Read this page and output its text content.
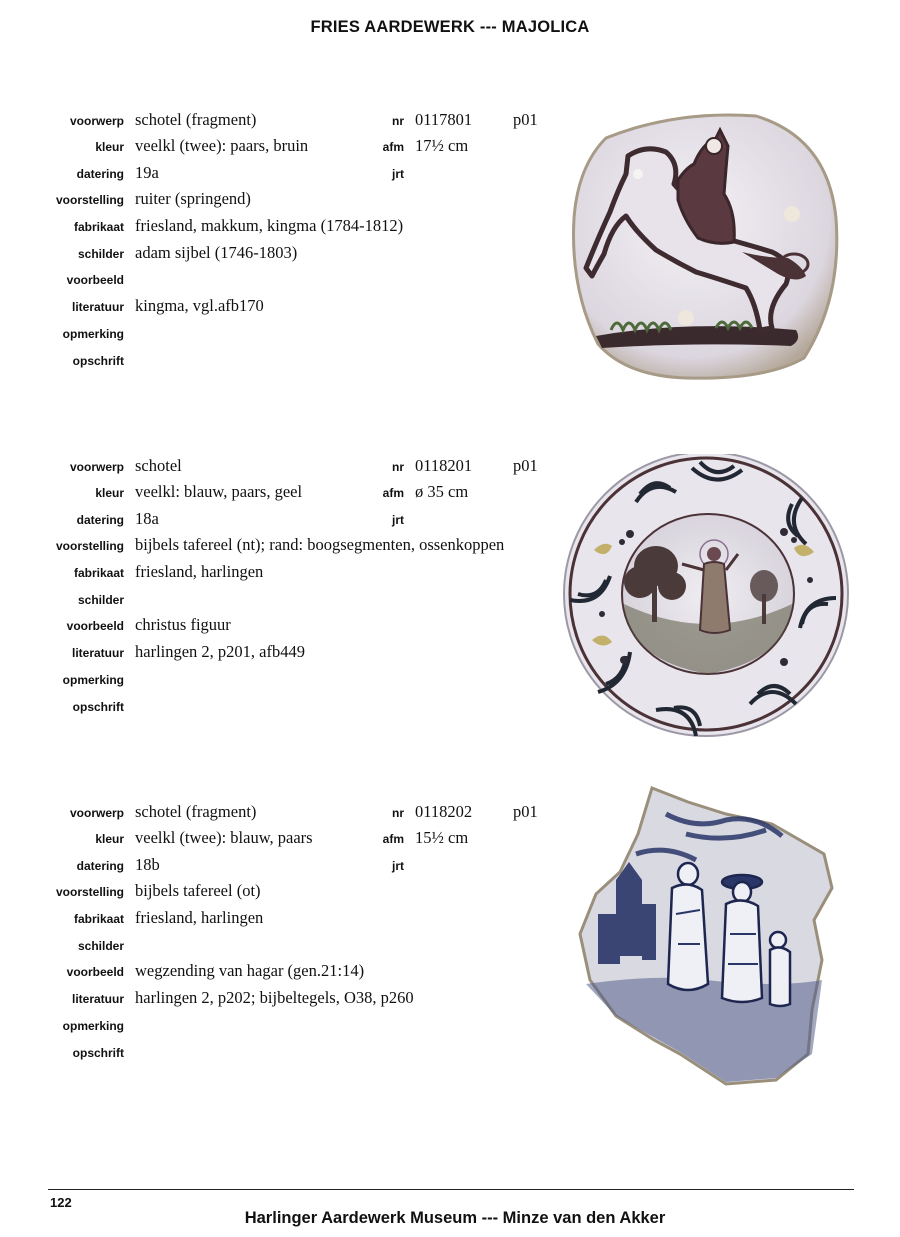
FRIES AARDEWERK --- MAJOLICA
voorwerp
kleur
datering
voorstelling
fabrikaat
schilder
voorbeeld
literatuur
opmerking
opschrift
schotel (fragment)
veelkl (twee): paars, bruin
19a
ruiter (springend)
friesland, makkum, kingma (1784-1812)
adam sijbel (1746-1803)
kingma, vgl.afb170
nr
afm
jrt
0117801
17½ cm
p01
voorwerp
kleur
datering
voorstelling
fabrikaat
schilder
voorbeeld
literatuur
opmerking
opschrift
schotel
veelkl: blauw, paars, geel
18a
bijbels tafereel (nt); rand: boogsegmenten, ossenkoppen
friesland, harlingen
christus figuur
harlingen 2, p201, afb449
nr
afm
jrt
0118201
ø 35 cm
p01
voorwerp
kleur
datering
voorstelling
fabrikaat
schilder
voorbeeld
literatuur
opmerking
opschrift
schotel (fragment)
veelkl (twee): blauw, paars
18b
bijbels tafereel (ot)
friesland, harlingen
wegzending van hagar (gen.21:14)
harlingen 2, p202; bijbeltegels, O38, p260
nr
afm
jrt
0118202
15½ cm
p01
122
Harlinger Aardewerk Museum --- Minze van den Akker
